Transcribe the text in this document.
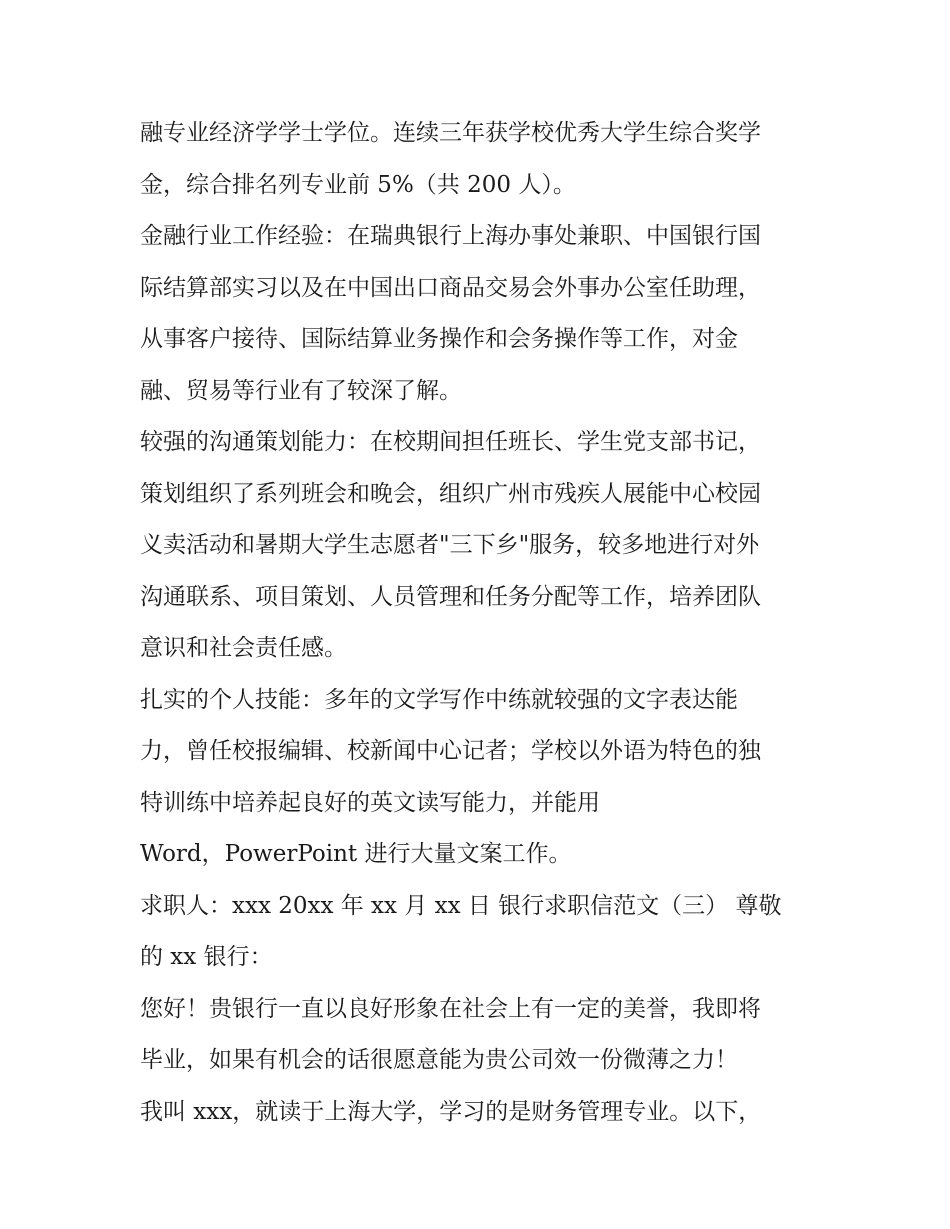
融专业经济学学士学位。连续三年获学校优秀大学生综合奖学
金，综合排名列专业前 5%（共 200 人）。
金融行业工作经验：在瑞典银行上海办事处兼职、中国银行国
际结算部实习以及在中国出口商品交易会外事办公室任助理，
从事客户接待、国际结算业务操作和会务操作等工作，对金
融、贸易等行业有了较深了解。
较强的沟通策划能力：在校期间担任班长、学生党支部书记，
策划组织了系列班会和晚会，组织广州市残疾人展能中心校园
义卖活动和暑期大学生志愿者"三下乡"服务，较多地进行对外
沟通联系、项目策划、人员管理和任务分配等工作，培养团队
意识和社会责任感。
扎实的个人技能：多年的文学写作中练就较强的文字表达能
力，曾任校报编辑、校新闻中心记者；学校以外语为特色的独
特训练中培养起良好的英文读写能力，并能用
Word，PowerPoint 进行大量文案工作。
求职人：xxx 20xx 年 xx 月 xx 日 银行求职信范文（三） 尊敬
的 xx 银行：
您好！贵银行一直以良好形象在社会上有一定的美誉，我即将
毕业，如果有机会的话很愿意能为贵公司效一份微薄之力！
我叫 xxx，就读于上海大学，学习的是财务管理专业。以下，
